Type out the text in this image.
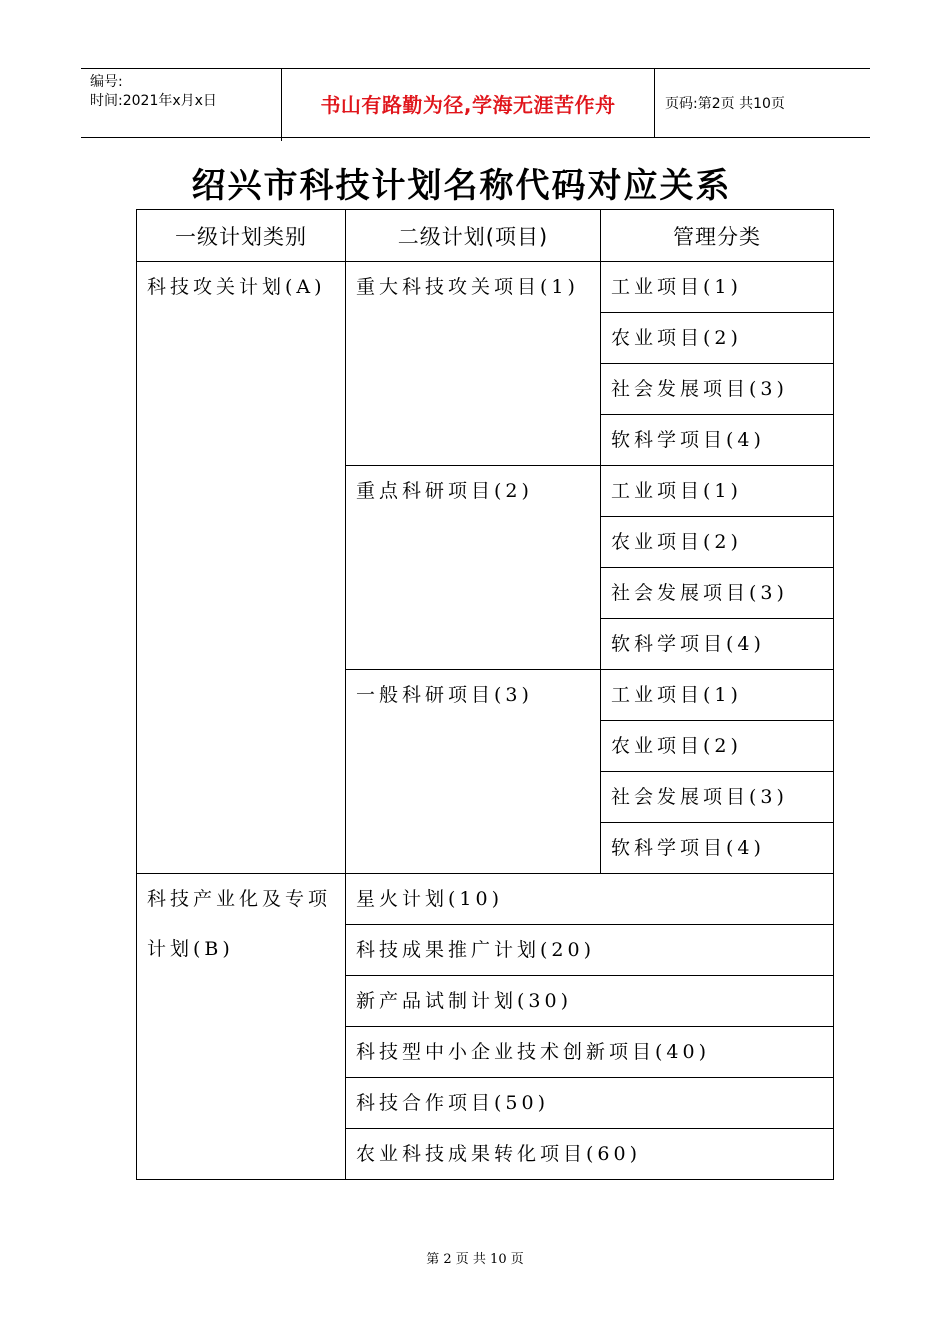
编号:
时间:2021年x月x日	书山有路勤为径,学海无涯苦作舟	页码:第2页 共10页
绍兴市科技计划名称代码对应关系
一级计划类别	二级计划(项目)	管理分类

科技攻关计划(A)	重大科技攻关项目(1)	工业项目(1)

		农业项目(2)

		社会发展项目(3)

		软科学项目(4)

	重点科研项目(2)	工业项目(1)

		农业项目(2)

		社会发展项目(3)

		软科学项目(4)

	一般科研项目(3)	工业项目(1)

		农业项目(2)

		社会发展项目(3)

		软科学项目(4)

科技产业化及专项
计划(B)	星火计划(10)	

	科技成果推广计划(20)	

	新产品试制计划(30)	

	科技型中小企业技术创新项目(40)	

	科技合作项目(50)	

	农业科技成果转化项目(60)	
第 2 页 共 10 页
